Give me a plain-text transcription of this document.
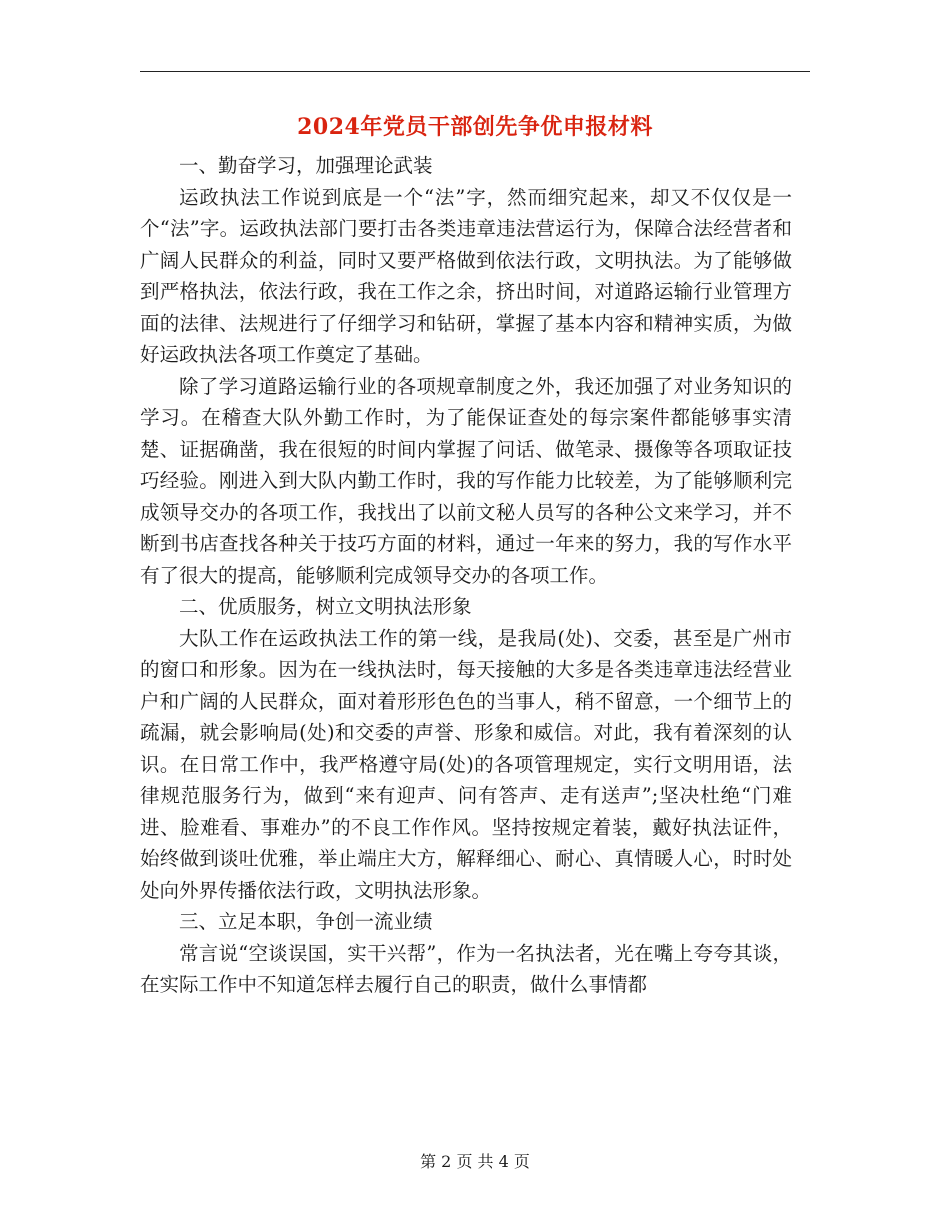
2024年党员干部创先争优申报材料

一、勤奋学习，加强理论武装

运政执法工作说到底是一个“法”字，然而细究起来，却又不仅仅是一个“法”字。运政执法部门要打击各类违章违法营运行为，保障合法经营者和广阔人民群众的利益，同时又要严格做到依法行政，文明执法。为了能够做到严格执法，依法行政，我在工作之余，挤出时间，对道路运输行业管理方面的法律、法规进行了仔细学习和钻研，掌握了基本内容和精神实质，为做好运政执法各项工作奠定了基础。

除了学习道路运输行业的各项规章制度之外，我还加强了对业务知识的学习。在稽查大队外勤工作时，为了能保证查处的每宗案件都能够事实清楚、证据确凿，我在很短的时间内掌握了问话、做笔录、摄像等各项取证技巧经验。刚进入到大队内勤工作时，我的写作能力比较差，为了能够顺利完成领导交办的各项工作，我找出了以前文秘人员写的各种公文来学习，并不断到书店查找各种关于技巧方面的材料，通过一年来的努力，我的写作水平有了很大的提高，能够顺利完成领导交办的各项工作。

二、优质服务，树立文明执法形象

大队工作在运政执法工作的第一线，是我局(处)、交委，甚至是广州市的窗口和形象。因为在一线执法时，每天接触的大多是各类违章违法经营业户和广阔的人民群众，面对着形形色色的当事人，稍不留意，一个细节上的疏漏，就会影响局(处)和交委的声誉、形象和威信。对此，我有着深刻的认识。在日常工作中，我严格遵守局(处)的各项管理规定，实行文明用语，法律规范服务行为，做到“来有迎声、问有答声、走有送声”;坚决杜绝“门难进、脸难看、事难办”的不良工作作风。坚持按规定着装，戴好执法证件，始终做到谈吐优雅，举止端庄大方，解释细心、耐心、真情暖人心，时时处处向外界传播依法行政，文明执法形象。

三、立足本职，争创一流业绩

常言说“空谈误国，实干兴帮”，作为一名执法者，光在嘴上夸夸其谈，在实际工作中不知道怎样去履行自己的职责，做什么事情都

第 2 页 共 4 页
